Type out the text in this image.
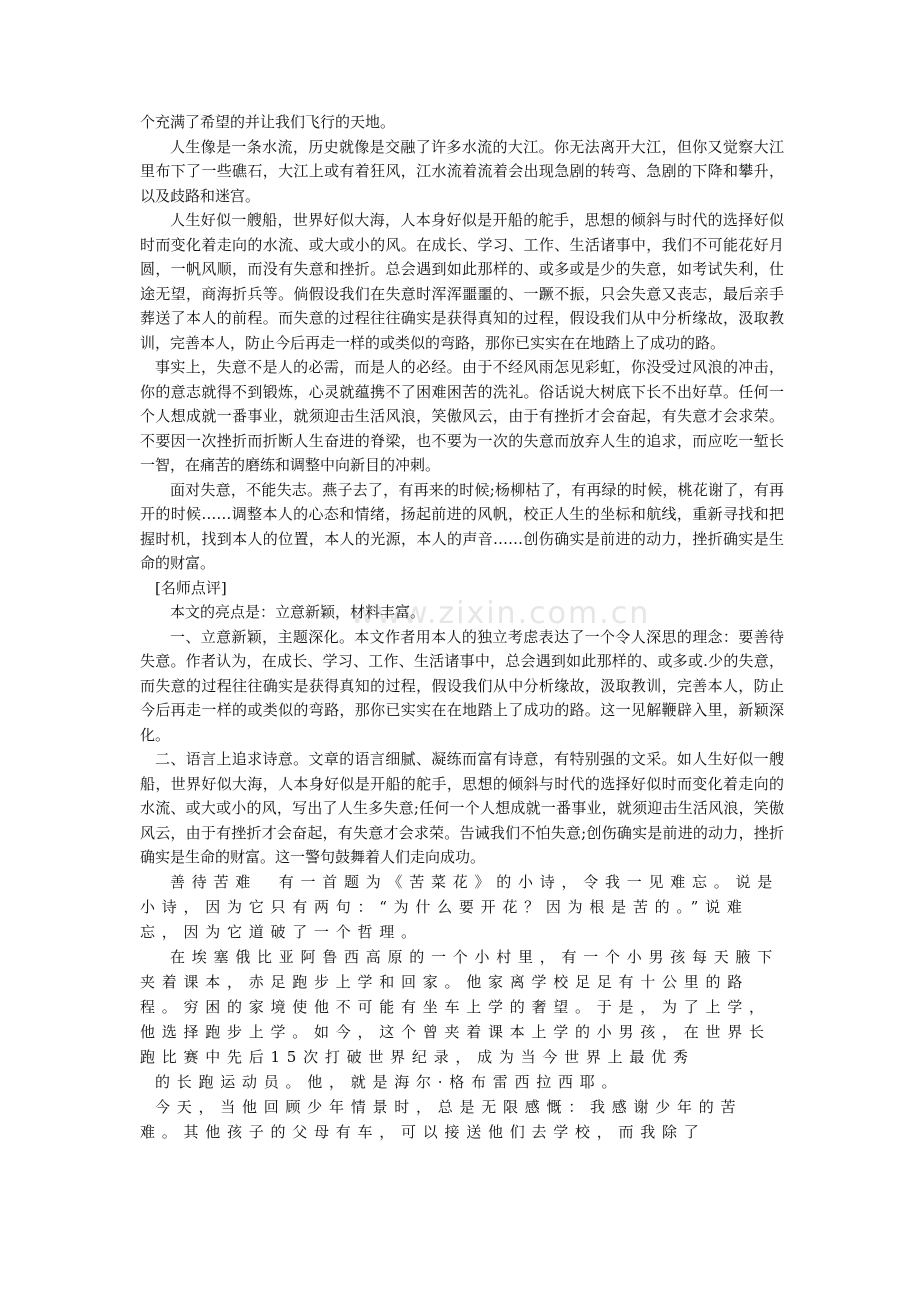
www.zixin.com.cn

个充满了希望的并让我们飞行的天地。

人生像是一条水流，历史就像是交融了许多水流的大江。你无法离开大江，但你又觉察大江里布下了一些礁石，大江上或有着狂风，江水流着流着会出现急剧的转弯、急剧的下降和攀升，以及歧路和迷宫。

人生好似一艘船，世界好似大海，人本身好似是开船的舵手，思想的倾斜与时代的选择好似时而变化着走向的水流、或大或小的风。在成长、学习、工作、生活诸事中，我们不可能花好月圆，一帆风顺，而没有失意和挫折。总会遇到如此那样的、或多或是少的失意，如考试失利，仕途无望，商海折兵等。倘假设我们在失意时浑浑噩噩的、一蹶不振，只会失意又丧志，最后亲手葬送了本人的前程。而失意的过程往往确实是获得真知的过程，假设我们从中分析缘故，汲取教训，完善本人，防止今后再走一样的或类似的弯路，那你已实实在在地踏上了成功的路。

事实上，失意不是人的必需，而是人的必经。由于不经风雨怎见彩虹，你没受过风浪的冲击，你的意志就得不到锻炼，心灵就蕴携不了困难困苦的洗礼。俗话说大树底下长不出好草。任何一个人想成就一番事业，就须迎击生活风浪，笑傲风云，由于有挫折才会奋起，有失意才会求荣。不要因一次挫折而折断人生奋进的脊梁，也不要为一次的失意而放弃人生的追求，而应吃一堑长一智，在痛苦的磨练和调整中向新目的冲刺。

面对失意，不能失志。燕子去了，有再来的时候;杨柳枯了，有再绿的时候，桃花谢了，有再开的时候……调整本人的心态和情绪，扬起前进的风帆，校正人生的坐标和航线，重新寻找和把握时机，找到本人的位置，本人的光源，本人的声音……创伤确实是前进的动力，挫折确实是生命的财富。

[名师点评]

本文的亮点是：立意新颖，材料丰富。

一、立意新颖，主题深化。本文作者用本人的独立考虑表达了一个令人深思的理念：要善待失意。作者认为，在成长、学习、工作、生活诸事中，总会遇到如此那样的、或多或.少的失意，而失意的过程往往确实是获得真知的过程，假设我们从中分析缘故，汲取教训，完善本人，防止今后再走一样的或类似的弯路，那你已实实在在地踏上了成功的路。这一见解鞭辟入里，新颖深化。

二、语言上追求诗意。文章的语言细腻、凝练而富有诗意，有特别强的文采。如人生好似一艘船，世界好似大海，人本身好似是开船的舵手，思想的倾斜与时代的选择好似时而变化着走向的水流、或大或小的风，写出了人生多失意;任何一个人想成就一番事业，就须迎击生活风浪，笑傲风云，由于有挫折才会奋起，有失意才会求荣。告诫我们不怕失意;创伤确实是前进的动力，挫折确实是生命的财富。这一警句鼓舞着人们走向成功。

善待苦难　有一首题为《苦菜花》的小诗，令我一见难忘。说是小诗，因为它只有两句：“为什么要开花？因为根是苦的。”说难忘，因为它道破了一个哲理。

在埃塞俄比亚阿鲁西高原的一个小村里，有一个小男孩每天腋下夹着课本，赤足跑步上学和回家。他家离学校足足有十公里的路程。穷困的家境使他不可能有坐车上学的奢望。于是，为了上学，他选择跑步上学。如今，这个曾夹着课本上学的小男孩，在世界长跑比赛中先后15次打破世界纪录，成为当今世界上最优秀

的长跑运动员。他，就是海尔·格布雷西拉西耶。

今天，当他回顾少年情景时，总是无限感慨：我感谢少年的苦难。其他孩子的父母有车，可以接送他们去学校，而我除了
